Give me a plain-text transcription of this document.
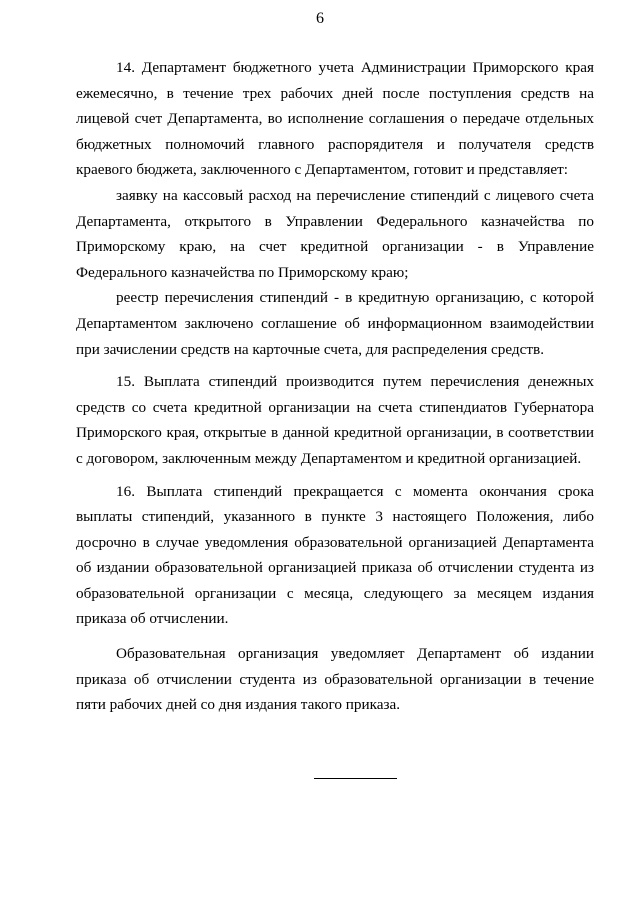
6

14. Департамент бюджетного учета Администрации Приморского края ежемесячно, в течение трех рабочих дней после поступления средств на лицевой счет Департамента, во исполнение соглашения о передаче отдельных бюджетных полномочий главного распорядителя и получателя средств краевого бюджета, заключенного с Департаментом, готовит и представляет:

заявку на кассовый расход на перечисление стипендий с лицевого счета Департамента, открытого в Управлении Федерального казначейства по Приморскому краю, на счет кредитной организации - в Управление Федерального казначейства по Приморскому краю;

реестр перечисления стипендий - в кредитную организацию, с которой Департаментом заключено соглашение об информационном взаимодействии при зачислении средств на карточные счета, для распределения средств.

15. Выплата стипендий производится путем перечисления денежных средств со счета кредитной организации на счета стипендиатов Губернатора Приморского края, открытые в данной кредитной организации, в соответствии с договором, заключенным между Департаментом и кредитной организацией.

16. Выплата стипендий прекращается с момента окончания срока выплаты стипендий, указанного в пункте 3 настоящего Положения, либо досрочно в случае уведомления образовательной организацией Департамента об издании образовательной организацией приказа об отчислении студента из образовательной организации с месяца, следующего за месяцем издания приказа об отчислении.

Образовательная организация уведомляет Департамент об издании приказа об отчислении студента из образовательной организации в течение пяти рабочих дней со дня издания такого приказа.
